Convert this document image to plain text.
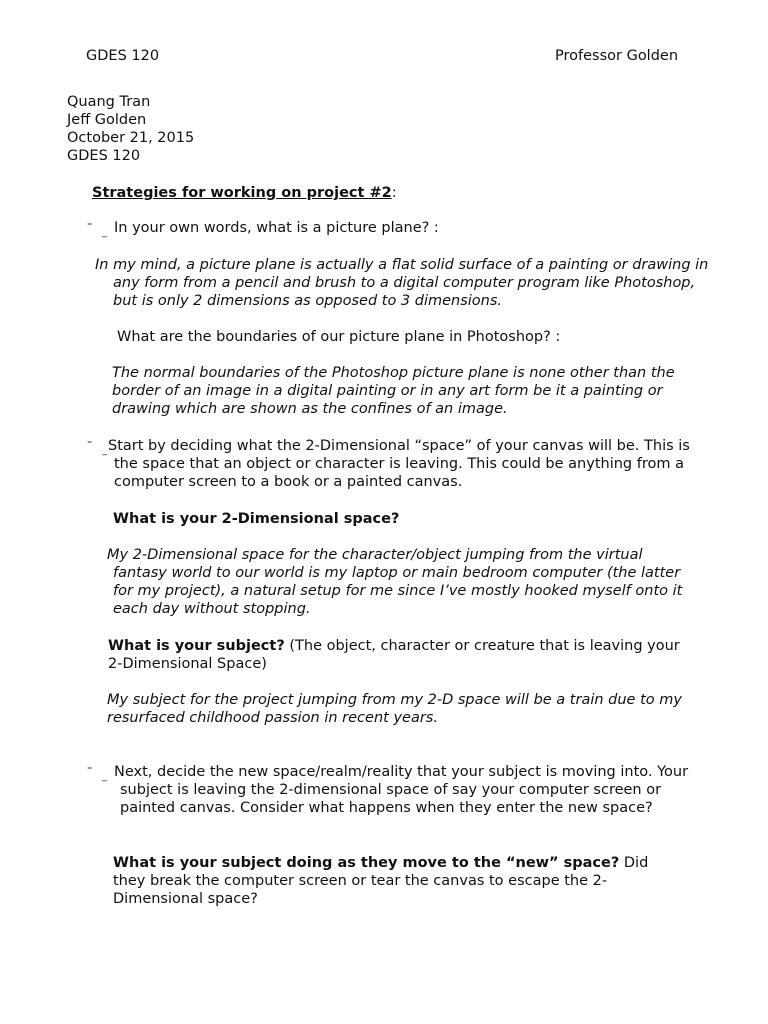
GDES 120	Professor Golden
Quang Tran
Jeff Golden
October 21, 2015
GDES 120
Strategies for working on project #2:
⁼
_ In your own words, what is a picture plane? :
In my mind, a picture plane is actually a flat solid surface of a painting or drawing in any form from a pencil and brush to a digital computer program like Photoshop, but is only 2 dimensions as opposed to 3 dimensions.
What are the boundaries of our picture plane in Photoshop? :
The normal boundaries of the Photoshop picture plane is none other than the border of an image in a digital painting or in any art form be it a painting or drawing which are shown as the confines of an image.
⁼
_ Start by deciding what the 2-Dimensional “space” of your canvas will be. This is the space that an object or character is leaving. This could be anything from a computer screen to a book or a painted canvas.
What is your 2-Dimensional space?
My 2-Dimensional space for the character/object jumping from the virtual fantasy world to our world is my laptop or main bedroom computer (the latter for my project), a natural setup for me since I’ve mostly hooked myself onto it each day without stopping.
What is your subject? (The object, character or creature that is leaving your 2-Dimensional Space)
My subject for the project jumping from my 2-D space will be a train due to my resurfaced childhood passion in recent years.
⁼
_ Next, decide the new space/realm/reality that your subject is moving into. Your subject is leaving the 2-dimensional space of say your computer screen or painted canvas. Consider what happens when they enter the new space?
What is your subject doing as they move to the “new” space? Did they break the computer screen or tear the canvas to escape the 2-Dimensional space?
